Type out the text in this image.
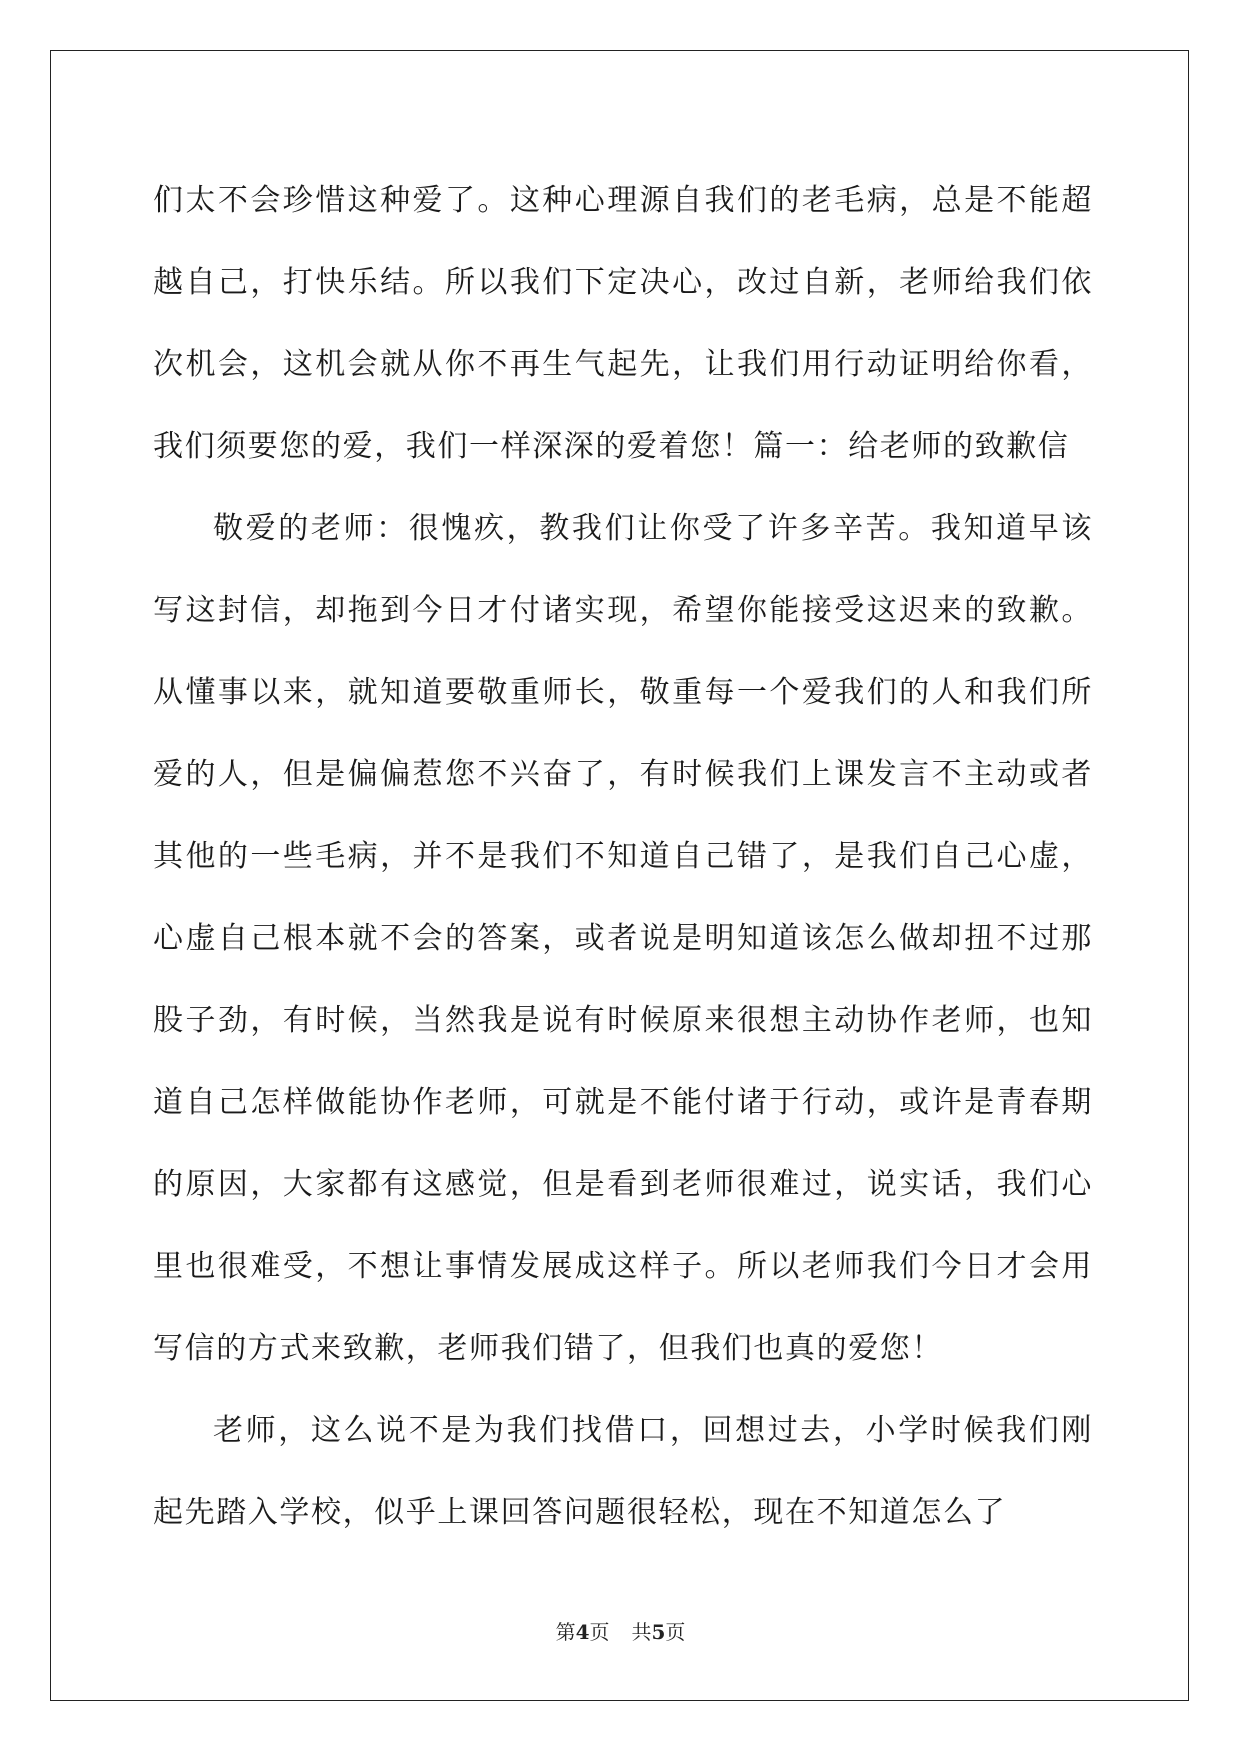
们太不会珍惜这种爱了。这种心理源自我们的老毛病，总是不能超越自己，打快乐结。所以我们下定决心，改过自新，老师给我们依次机会，这机会就从你不再生气起先，让我们用行动证明给你看，我们须要您的爱，我们一样深深的爱着您！篇一：给老师的致歉信

敬爱的老师：很愧疚，教我们让你受了许多辛苦。我知道早该写这封信，却拖到今日才付诸实现，希望你能接受这迟来的致歉。 从懂事以来，就知道要敬重师长，敬重每一个爱我们的人和我们所爱的人，但是偏偏惹您不兴奋了，有时候我们上课发言不主动或者其他的一些毛病，并不是我们不知道自己错了，是我们自己心虚，心虚自己根本就不会的答案，或者说是明知道该怎么做却扭不过那股子劲，有时候，当然我是说有时候原来很想主动协作老师，也知道自己怎样做能协作老师，可就是不能付诸于行动，或许是青春期的原因，大家都有这感觉，但是看到老师很难过，说实话，我们心里也很难受，不想让事情发展成这样子。所以老师我们今日才会用写信的方式来致歉，老师我们错了，但我们也真的爱您！

老师，这么说不是为我们找借口，回想过去，小学时候我们刚起先踏入学校，似乎上课回答问题很轻松，现在不知道怎么了

第4页 共5页
